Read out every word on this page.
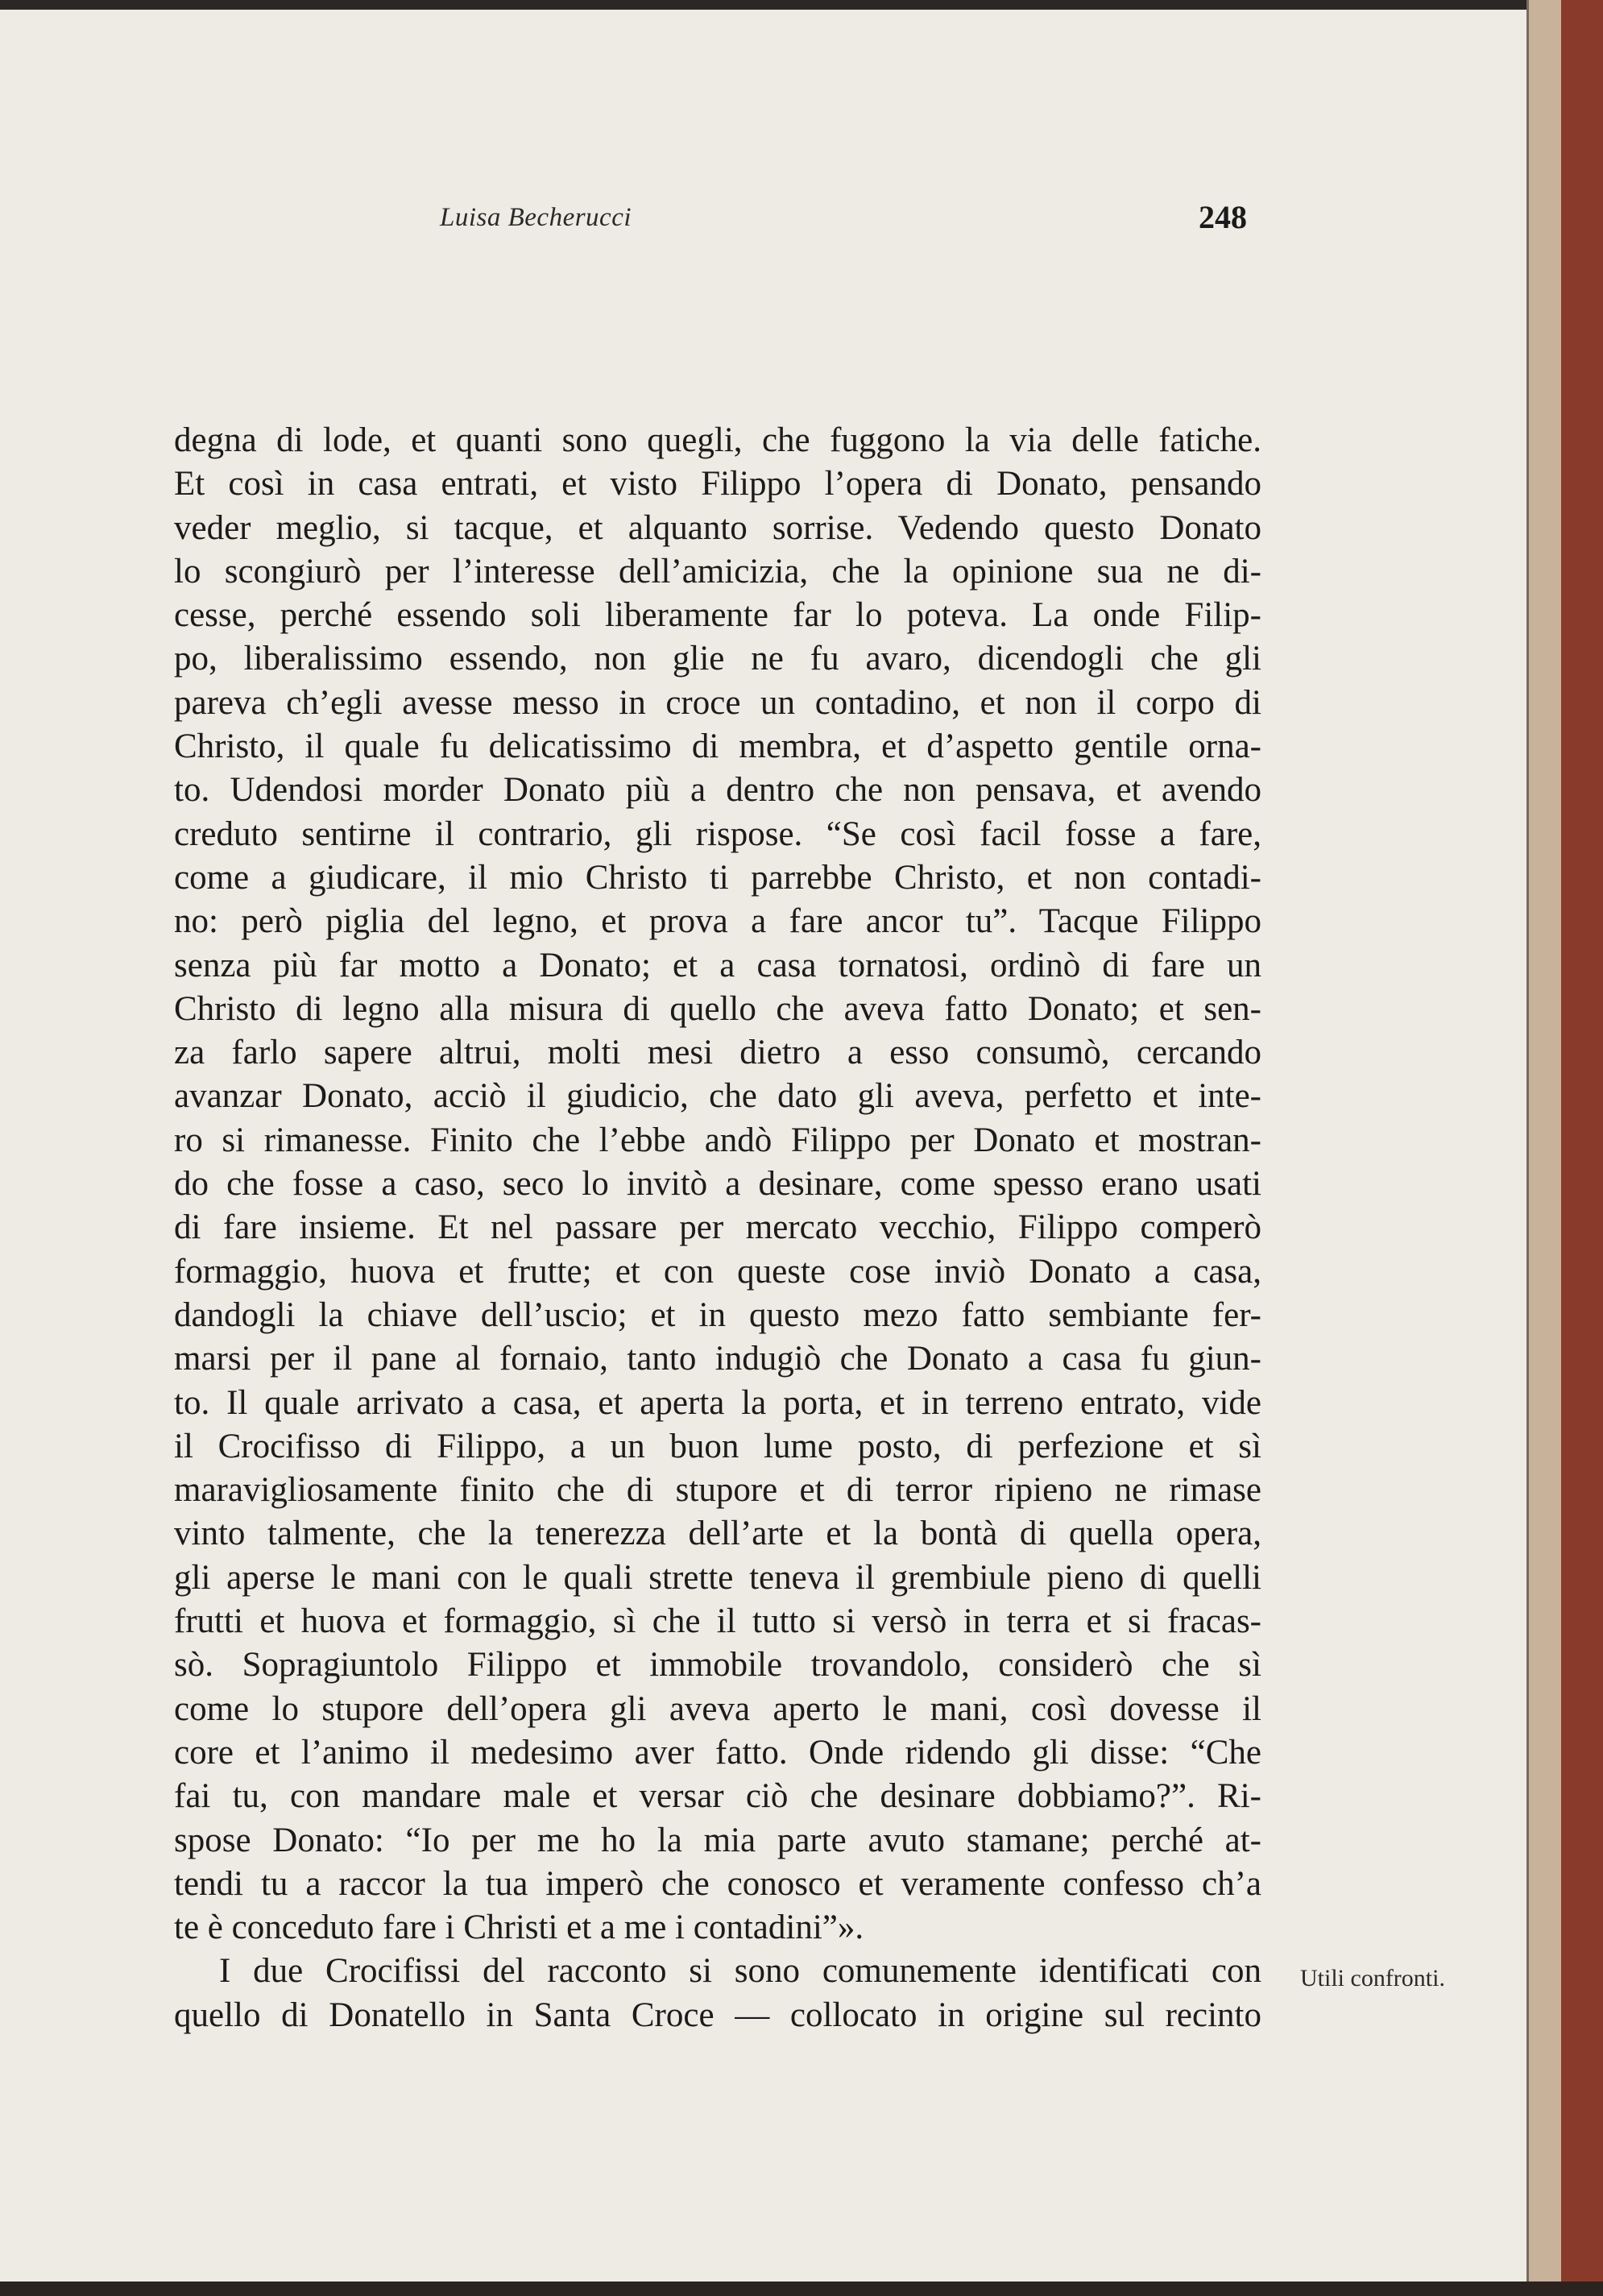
Luisa Becherucci	248
degna di lode, et quanti sono quegli, che fuggono la via delle fatiche.
Et così in casa entrati, et visto Filippo l’opera di Donato, pensando
veder meglio, si tacque, et alquanto sorrise. Vedendo questo Donato
lo scongiurò per l’interesse dell’amicizia, che la opinione sua ne di-
cesse, perché essendo soli liberamente far lo poteva. La onde Filip-
po, liberalissimo essendo, non glie ne fu avaro, dicendogli che gli
pareva ch’egli avesse messo in croce un contadino, et non il corpo di
Christo, il quale fu delicatissimo di membra, et d’aspetto gentile orna-
to. Udendosi morder Donato più a dentro che non pensava, et avendo
creduto sentirne il contrario, gli rispose. “Se così facil fosse a fare,
come a giudicare, il mio Christo ti parrebbe Christo, et non contadi-
no: però piglia del legno, et prova a fare ancor tu”. Tacque Filippo
senza più far motto a Donato; et a casa tornatosi, ordinò di fare un
Christo di legno alla misura di quello che aveva fatto Donato; et sen-
za farlo sapere altrui, molti mesi dietro a esso consumò, cercando
avanzar Donato, acciò il giudicio, che dato gli aveva, perfetto et inte-
ro si rimanesse. Finito che l’ebbe andò Filippo per Donato et mostran-
do che fosse a caso, seco lo invitò a desinare, come spesso erano usati
di fare insieme. Et nel passare per mercato vecchio, Filippo comperò
formaggio, huova et frutte; et con queste cose inviò Donato a casa,
dandogli la chiave dell’uscio; et in questo mezo fatto sembiante fer-
marsi per il pane al fornaio, tanto indugiò che Donato a casa fu giun-
to. Il quale arrivato a casa, et aperta la porta, et in terreno entrato, vide
il Crocifisso di Filippo, a un buon lume posto, di perfezione et sì
maravigliosamente finito che di stupore et di terror ripieno ne rimase
vinto talmente, che la tenerezza dell’arte et la bontà di quella opera,
gli aperse le mani con le quali strette teneva il grembiule pieno di quelli
frutti et huova et formaggio, sì che il tutto si versò in terra et si fracas-
sò. Sopragiuntolo Filippo et immobile trovandolo, considerò che sì
come lo stupore dell’opera gli aveva aperto le mani, così dovesse il
core et l’animo il medesimo aver fatto. Onde ridendo gli disse: “Che
fai tu, con mandare male et versar ciò che desinare dobbiamo?”. Ri-
spose Donato: “Io per me ho la mia parte avuto stamane; perché at-
tendi tu a raccor la tua imperò che conosco et veramente confesso ch’a
te è conceduto fare i Christi et a me i contadini”».
I due Crocifissi del racconto si sono comunemente identificati con
quello di Donatello in Santa Croce — collocato in origine sul recinto
Utili confronti.
